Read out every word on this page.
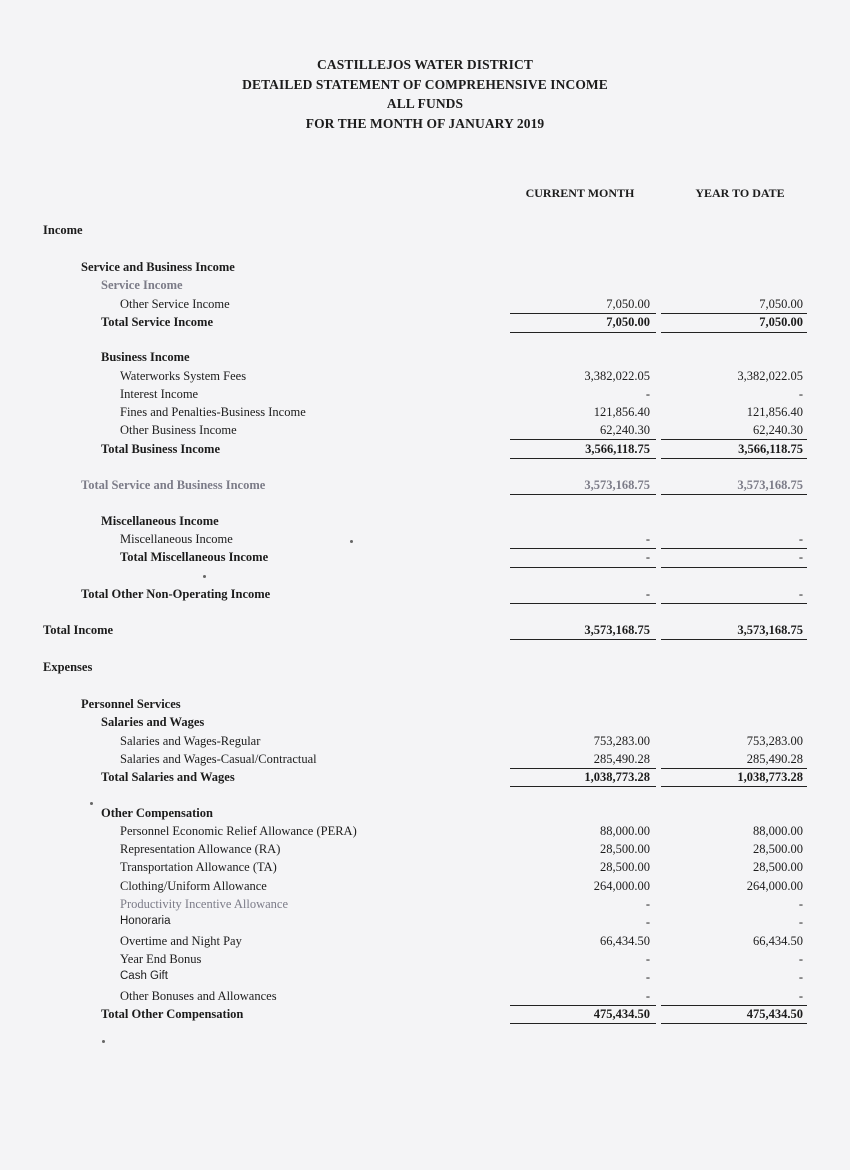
CASTILLEJOS WATER DISTRICT
DETAILED STATEMENT OF COMPREHENSIVE INCOME
ALL FUNDS
FOR THE MONTH OF JANUARY 2019
CURRENT MONTH	YEAR TO DATE
Income
Service and Business Income
Service Income
Other Service Income	7,050.00	7,050.00
Total Service Income	7,050.00	7,050.00
Business Income
Waterworks System Fees	3,382,022.05	3,382,022.05
Interest Income	-	-
Fines and Penalties-Business Income	121,856.40	121,856.40
Other Business Income	62,240.30	62,240.30
Total Business Income	3,566,118.75	3,566,118.75
Total Service and Business Income	3,573,168.75	3,573,168.75
Miscellaneous Income
Miscellaneous Income	-	-
Total Miscellaneous Income	-	-
Total Other Non-Operating Income	-	-
Total Income	3,573,168.75	3,573,168.75
Expenses
Personnel Services
Salaries and Wages
Salaries and Wages-Regular	753,283.00	753,283.00
Salaries and Wages-Casual/Contractual	285,490.28	285,490.28
Total Salaries and Wages	1,038,773.28	1,038,773.28
Other Compensation
Personnel Economic Relief Allowance (PERA)	88,000.00	88,000.00
Representation Allowance (RA)	28,500.00	28,500.00
Transportation Allowance (TA)	28,500.00	28,500.00
Clothing/Uniform Allowance	264,000.00	264,000.00
Productivity Incentive Allowance	-	-
Honoraria	-	-
Overtime and Night Pay	66,434.50	66,434.50
Year End Bonus	-	-
Cash Gift	-	-
Other Bonuses and Allowances	-	-
Total Other Compensation	475,434.50	475,434.50
